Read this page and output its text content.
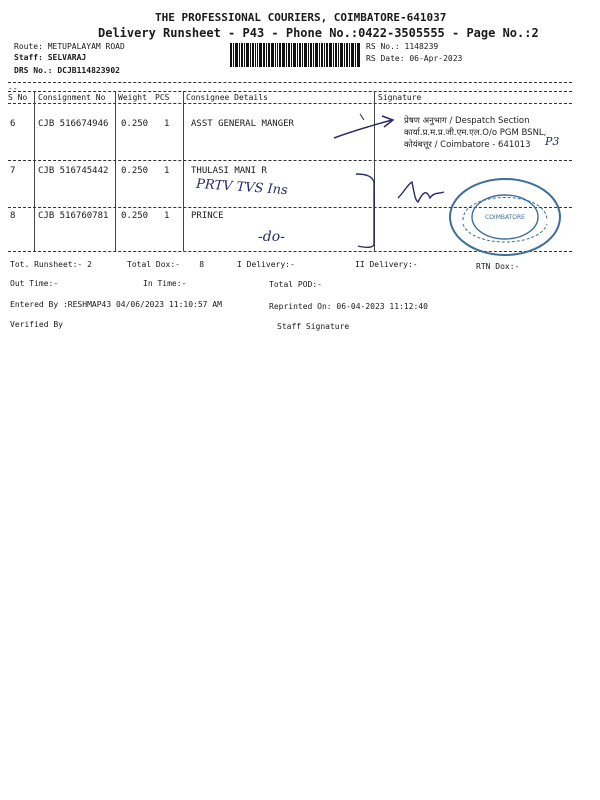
THE PROFESSIONAL COURIERS, COIMBATORE-641037
Delivery Runsheet - P43 - Phone No.:0422-3505555 - Page No.:2
Route: METUPALAYAM ROAD
Staff: SELVARAJ
DRS No.: DCJB114823902
RS No.: 1148239
RS Date: 06-Apr-2023
--
S No Consignment No Weight PCS Consignee Details	Signature
6	CJB 516674946 0.250 1 ASST GENERAL MANGER
7	CJB 516745442 0.250 1 THULASI MANI R
8	CJB 516760781 0.250 1 PRINCE
प्रेषण अनुभाग / Despatch Section
कार्या.प्र.म.प्र.जी.एम.एल.O/o PGM BSNL,
कोयंबत्तूर / Coimbatore - 641013 P3
PRTV TVS Ins
-do-
COIMBATORE
Tot. Runsheet:- 2	Total Dox:-    8	I Delivery:-	II Delivery:-	RTN Dox:-
Out Time:-	In Time:-	Total POD:-
Entered By :RESHMAP43 04/06/2023 11:10:57 AM	Reprinted On: 06-04-2023 11:12:40
Verified By	Staff Signature
